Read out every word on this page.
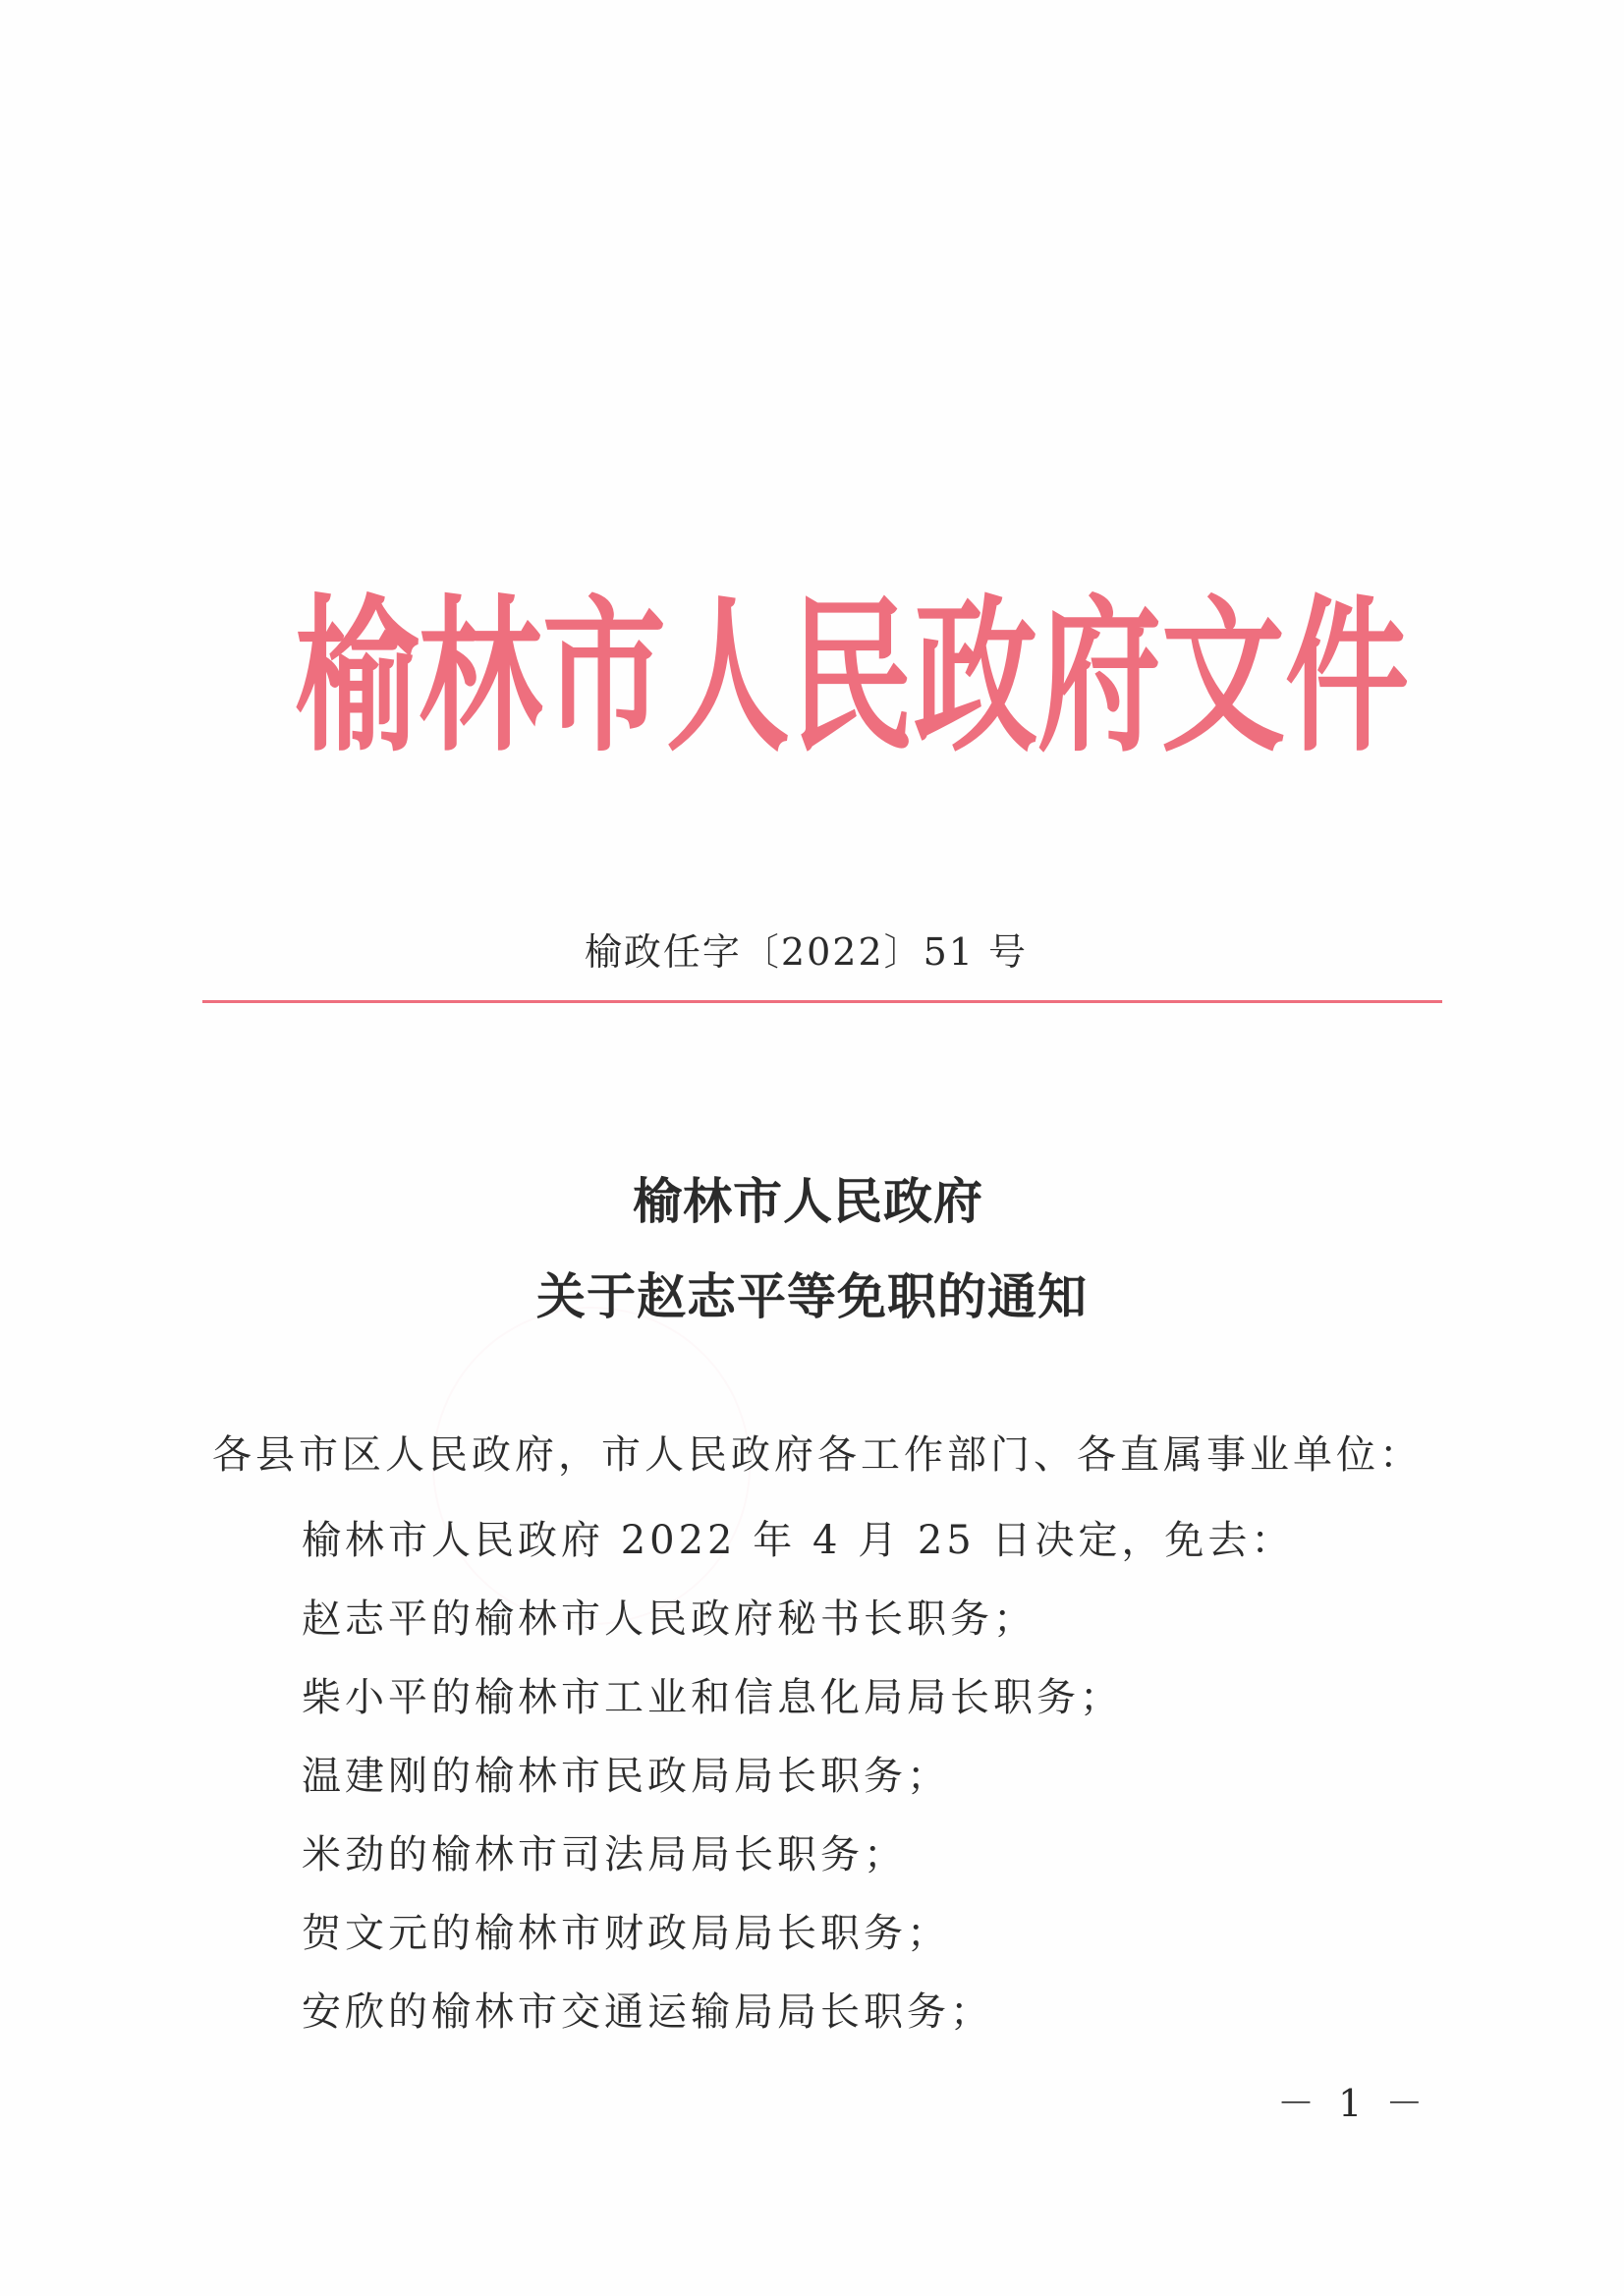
榆林市人民政府文件
榆政任字〔2022〕51 号
榆林市人民政府
关于赵志平等免职的通知
各县市区人民政府，市人民政府各工作部门、各直属事业单位：
榆林市人民政府 2022 年 4 月 25 日决定，免去：
赵志平的榆林市人民政府秘书长职务；
柴小平的榆林市工业和信息化局局长职务；
温建刚的榆林市民政局局长职务；
米劲的榆林市司法局局长职务；
贺文元的榆林市财政局局长职务；
安欣的榆林市交通运输局局长职务；
－ 1 －
